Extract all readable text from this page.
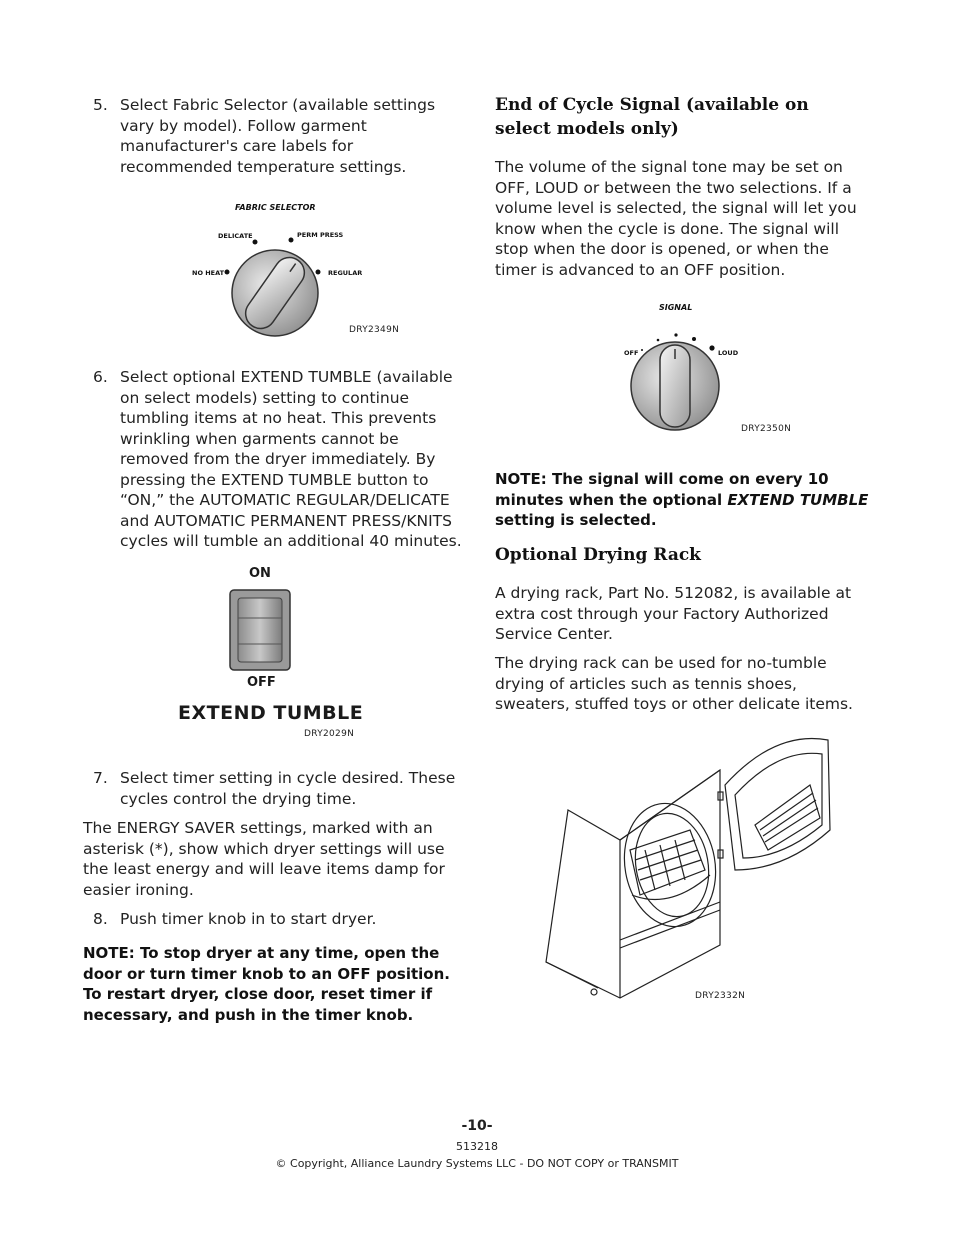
5. Select Fabric Selector (available settings vary by model). Follow garment manufacturer's care labels for recommended temperature settings.
FABRIC SELECTOR
DELICATE	PERM PRESS
NO HEAT	REGULAR
DRY2349N
6. Select optional EXTEND TUMBLE (available on select models) setting to continue tumbling items at no heat. This prevents wrinkling when garments cannot be removed from the dryer immediately. By pressing the EXTEND TUMBLE button to “ON,” the AUTOMATIC REGULAR/DELICATE and AUTOMATIC PERMANENT PRESS/KNITS cycles will tumble an additional 40 minutes.
ON
OFF
EXTEND TUMBLE
DRY2029N
7. Select timer setting in cycle desired. These cycles control the drying time.
The ENERGY SAVER settings, marked with an asterisk (*), show which dryer settings will use the least energy and will leave items damp for easier ironing.
8. Push timer knob in to start dryer.
NOTE: To stop dryer at any time, open the door or turn timer knob to an OFF position. To restart dryer, close door, reset timer if necessary, and push in the timer knob.
End of Cycle Signal (available on select models only)
The volume of the signal tone may be set on OFF, LOUD or between the two selections. If a volume level is selected, the signal will let you know when the cycle is done. The signal will stop when the door is opened, or when the timer is advanced to an OFF position.
SIGNAL
OFF	LOUD
DRY2350N
NOTE: The signal will come on every 10 minutes when the optional EXTEND TUMBLE setting is selected.
Optional Drying Rack
A drying rack, Part No. 512082, is available at extra cost through your Factory Authorized Service Center.
The drying rack can be used for no-tumble drying of articles such as tennis shoes, sweaters, stuffed toys or other delicate items.
DRY2332N
-10-
513218
© Copyright, Alliance Laundry Systems LLC - DO NOT COPY or TRANSMIT
